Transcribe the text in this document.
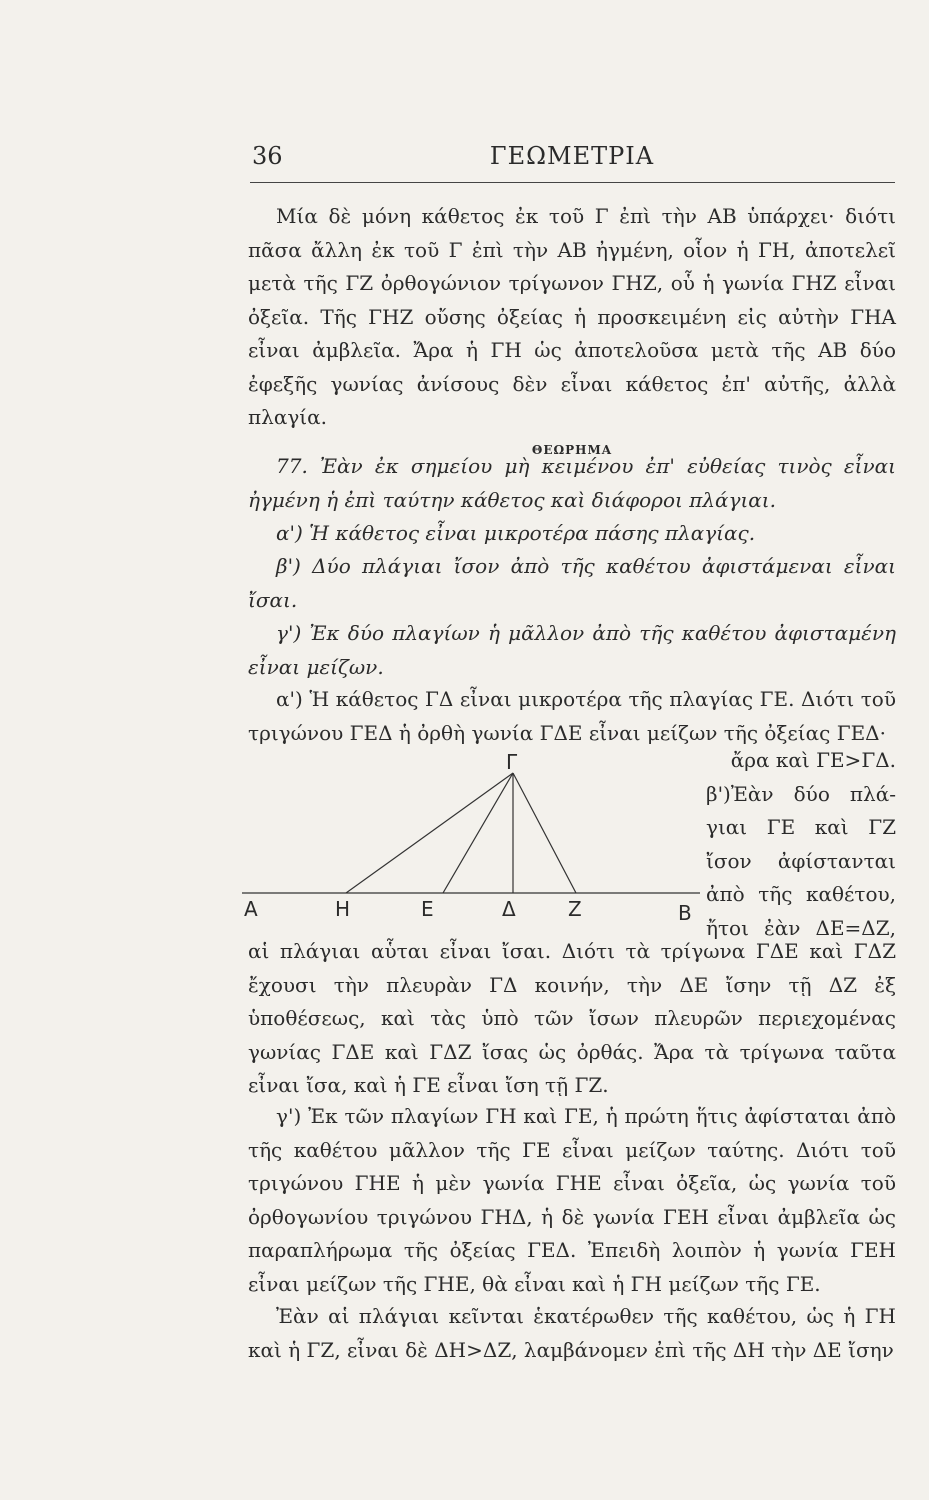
36	ΓΕΩΜΕΤΡΙΑ

Μία δὲ μόνη κάθετος ἐκ τοῦ Γ ἐπὶ τὴν ΑΒ ὑπάρχει· διότι πᾶσα ἄλλη ἐκ τοῦ Γ ἐπὶ τὴν ΑΒ ἠγμένη, οἷον ἡ ΓΗ, ἀποτελεῖ μετὰ τῆς ΓΖ ὀρθογώνιον τρίγωνον ΓΗΖ, οὗ ἡ γωνία ΓΗΖ εἶναι ὀξεῖα. Τῆς ΓΗΖ οὔσης ὀξείας ἡ προσκειμένη εἰς αὐτὴν ΓΗΑ εἶναι ἀμβλεῖα. Ἄρα ἡ ΓΗ ὡς ἀποτελοῦσα μετὰ τῆς ΑΒ δύο ἐφεξῆς γωνίας ἀνίσους δὲν εἶναι κάθετος ἐπ' αὐτῆς, ἀλλὰ πλαγία.

ΘΕΩΡΗΜΑ

77. Ἐὰν ἐκ σημείου μὴ κειμένου ἐπ' εὐθείας τινὸς εἶναι ἠγμένη ἡ ἐπὶ ταύτην κάθετος καὶ διάφοροι πλάγιαι.

α') Ἡ κάθετος εἶναι μικροτέρα πάσης πλαγίας.

β') Δύο πλάγιαι ἴσον ἀπὸ τῆς καθέτου ἀφιστάμεναι εἶναι ἴσαι.

γ') Ἐκ δύο πλαγίων ἡ μᾶλλον ἀπὸ τῆς καθέτου ἀφισταμένη εἶναι μείζων.

α') Ἡ κάθετος ΓΔ εἶναι μικροτέρα τῆς πλαγίας ΓΕ. Διότι τοῦ τριγώνου ΓΕΔ ἡ ὀρθὴ γωνία ΓΔΕ εἶναι μείζων τῆς ὀξείας ΓΕΔ·

Γ
Α	Η	Ε	Δ	Ζ	Β

ἄρα καὶ ΓΕ>ΓΔ.
β')Ἐὰν δύο πλά-
γιαι ΓΕ καὶ ΓΖ
ἴσον ἀφίστανται
ἀπὸ τῆς καθέτου,
ἤτοι ἐὰν ΔΕ=ΔΖ,

αἱ πλάγιαι αὗται εἶναι ἴσαι. Διότι τὰ τρίγωνα ΓΔΕ καὶ ΓΔΖ ἔχουσι τὴν πλευρὰν ΓΔ κοινήν, τὴν ΔΕ ἴσην τῇ ΔΖ ἐξ ὑποθέσεως, καὶ τὰς ὑπὸ τῶν ἴσων πλευρῶν περιεχομένας γωνίας ΓΔΕ καὶ ΓΔΖ ἴσας ὡς ὀρθάς. Ἄρα τὰ τρίγωνα ταῦτα εἶναι ἴσα, καὶ ἡ ΓΕ εἶναι ἴση τῇ ΓΖ.

γ') Ἐκ τῶν πλαγίων ΓΗ καὶ ΓΕ, ἡ πρώτη ἥτις ἀφίσταται ἀπὸ τῆς καθέτου μᾶλλον τῆς ΓΕ εἶναι μείζων ταύτης. Διότι τοῦ τριγώνου ΓΗΕ ἡ μὲν γωνία ΓΗΕ εἶναι ὀξεῖα, ὡς γωνία τοῦ ὀρθογωνίου τριγώνου ΓΗΔ, ἡ δὲ γωνία ΓΕΗ εἶναι ἀμβλεῖα ὡς παραπλήρωμα τῆς ὀξείας ΓΕΔ. Ἐπειδὴ λοιπὸν ἡ γωνία ΓΕΗ εἶναι μείζων τῆς ΓΗΕ, θὰ εἶναι καὶ ἡ ΓΗ μείζων τῆς ΓΕ.

Ἐὰν αἱ πλάγιαι κεῖνται ἑκατέρωθεν τῆς καθέτου, ὡς ἡ ΓΗ καὶ ἡ ΓΖ, εἶναι δὲ ΔΗ>ΔΖ, λαμβάνομεν ἐπὶ τῆς ΔΗ τὴν ΔΕ ἴσην
